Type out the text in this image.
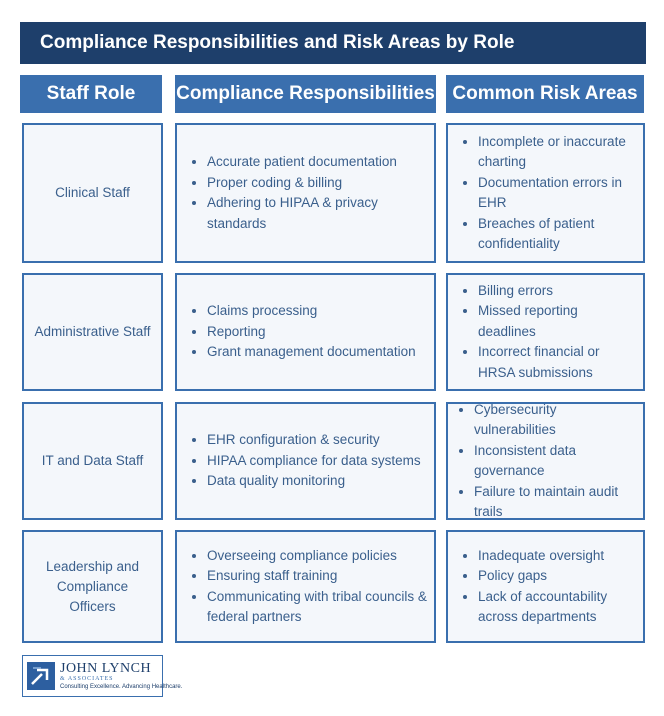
Compliance Responsibilities and Risk Areas by Role
Staff Role	Compliance Responsibilities Common Risk Areas
Clinical Staff
• Accurate patient documentation
• Proper coding & billing
• Adhering to HIPAA & privacy standards
• Incomplete or inaccurate charting
• Documentation errors in EHR
• Breaches of patient confidentiality
Administrative Staff
• Claims processing
• Reporting
• Grant management documentation
• Billing errors
• Missed reporting deadlines
• Incorrect financial or HRSA submissions
IT and Data Staff
• EHR configuration & security
• HIPAA compliance for data systems
• Data quality monitoring
• Cybersecurity vulnerabilities
• Inconsistent data governance
• Failure to maintain audit trails
Leadership and Compliance Officers
• Overseeing compliance policies
• Ensuring staff training
• Communicating with tribal councils & federal partners
• Inadequate oversight
• Policy gaps
• Lack of accountability across departments
JOHN LYNCH
& ASSOCIATES
Consulting Excellence. Advancing Healthcare.
